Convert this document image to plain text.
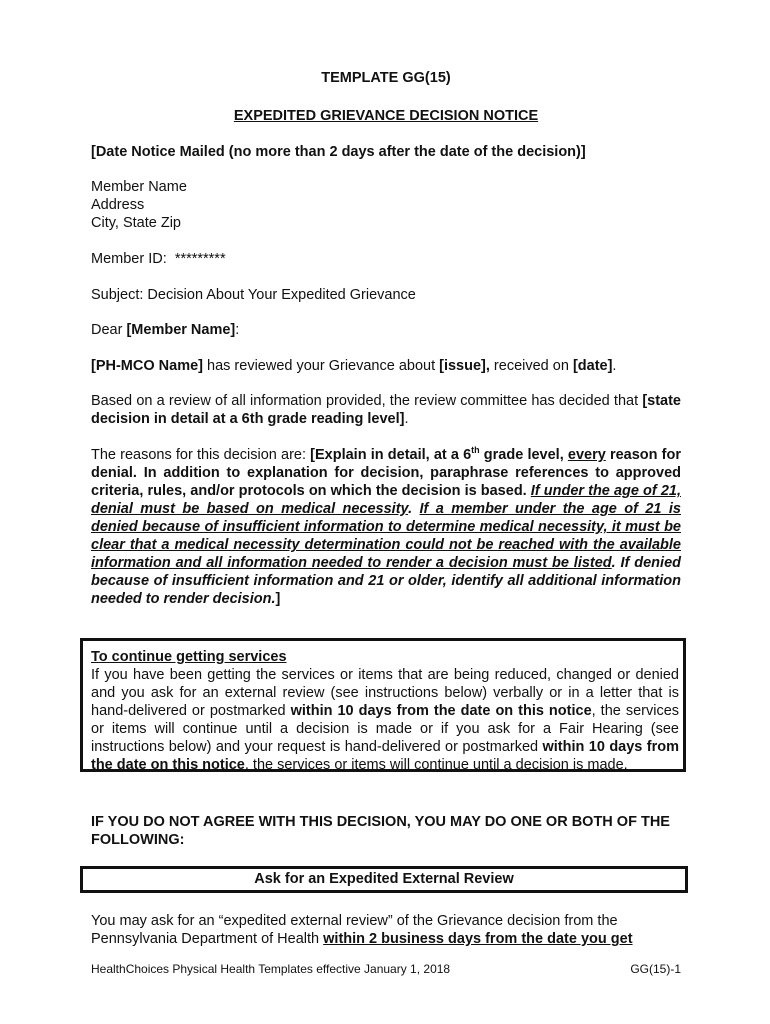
TEMPLATE GG(15)

EXPEDITED GRIEVANCE DECISION NOTICE

[Date Notice Mailed (no more than 2 days after the date of the decision)]

Member Name
Address
City, State Zip

Member ID: *********

Subject: Decision About Your Expedited Grievance

Dear [Member Name]:

[PH-MCO Name] has reviewed your Grievance about [issue], received on [date].

Based on a review of all information provided, the review committee has decided that [state decision in detail at a 6th grade reading level].

The reasons for this decision are: [Explain in detail, at a 6th grade level, every reason for denial. In addition to explanation for decision, paraphrase references to approved criteria, rules, and/or protocols on which the decision is based. If under the age of 21, denial must be based on medical necessity. If a member under the age of 21 is denied because of insufficient information to determine medical necessity, it must be clear that a medical necessity determination could not be reached with the available information and all information needed to render a decision must be listed. If denied because of insufficient information and 21 or older, identify all additional information needed to render decision.]

To continue getting services
If you have been getting the services or items that are being reduced, changed or denied and you ask for an external review (see instructions below) verbally or in a letter that is hand-delivered or postmarked within 10 days from the date on this notice, the services or items will continue until a decision is made or if you ask for a Fair Hearing (see instructions below) and your request is hand-delivered or postmarked within 10 days from the date on this notice, the services or items will continue until a decision is made.

IF YOU DO NOT AGREE WITH THIS DECISION, YOU MAY DO ONE OR BOTH OF THE FOLLOWING:

Ask for an Expedited External Review

You may ask for an “expedited external review” of the Grievance decision from the Pennsylvania Department of Health within 2 business days from the date you get

HealthChoices Physical Health Templates effective January 1, 2018	GG(15)-1
